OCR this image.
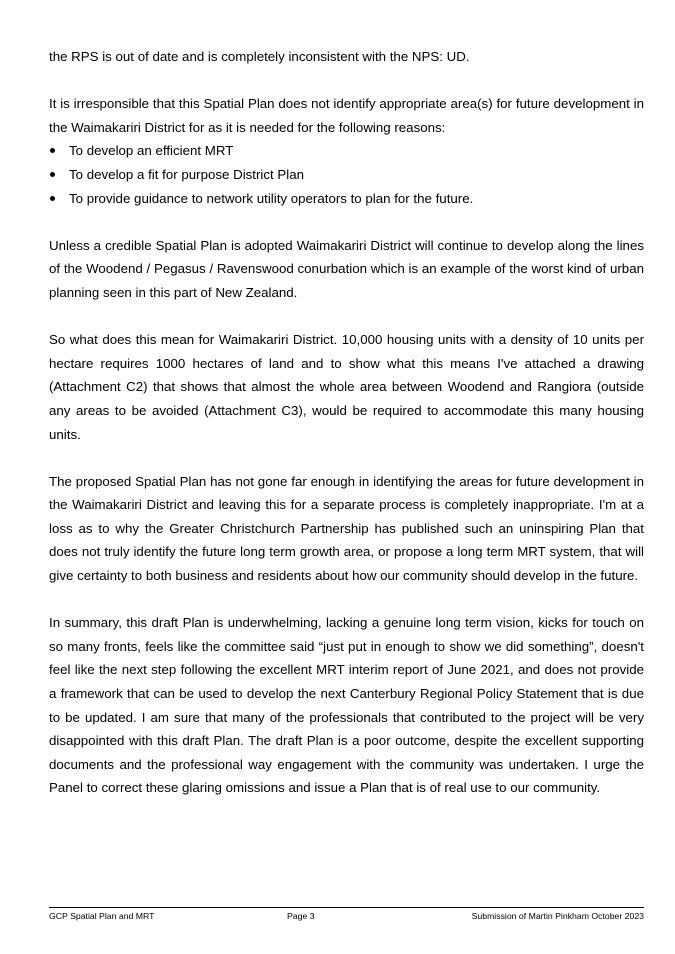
the RPS is out of date and is completely inconsistent with the NPS: UD.

It is irresponsible that this Spatial Plan does not identify appropriate area(s) for future development in the Waimakariri District for as it is needed for the following reasons:

To develop an efficient MRT
To develop a fit for purpose District Plan
To provide guidance to network utility operators to plan for the future.

Unless a credible Spatial Plan is adopted Waimakariri District will continue to develop along the lines of the Woodend / Pegasus / Ravenswood conurbation which is an example of the worst kind of urban planning seen in this part of New Zealand.

So what does this mean for Waimakariri District. 10,000 housing units with a density of 10 units per hectare requires 1000 hectares of land and to show what this means I've attached a drawing (Attachment C2) that shows that almost the whole area between Woodend and Rangiora (outside any areas to be avoided (Attachment C3), would be required to accommodate this many housing units.

The proposed Spatial Plan has not gone far enough in identifying the areas for future development in the Waimakariri District and leaving this for a separate process is completely inappropriate. I'm at a loss as to why the Greater Christchurch Partnership has published such an uninspiring Plan that does not truly identify the future long term growth area, or propose a long term MRT system, that will give certainty to both business and residents about how our community should develop in the future.

In summary, this draft Plan is underwhelming, lacking a genuine long term vision, kicks for touch on so many fronts, feels like the committee said “just put in enough to show we did something”, doesn't feel like the next step following the excellent MRT interim report of June 2021, and does not provide a framework that can be used to develop the next Canterbury Regional Policy Statement that is due to be updated. I am sure that many of the professionals that contributed to the project will be very disappointed with this draft Plan. The draft Plan is a poor outcome, despite the excellent supporting documents and the professional way engagement with the community was undertaken. I urge the Panel to correct these glaring omissions and issue a Plan that is of real use to our community.

GCP Spatial Plan and MRT	Page 3	Submission of Martin Pinkham October 2023
